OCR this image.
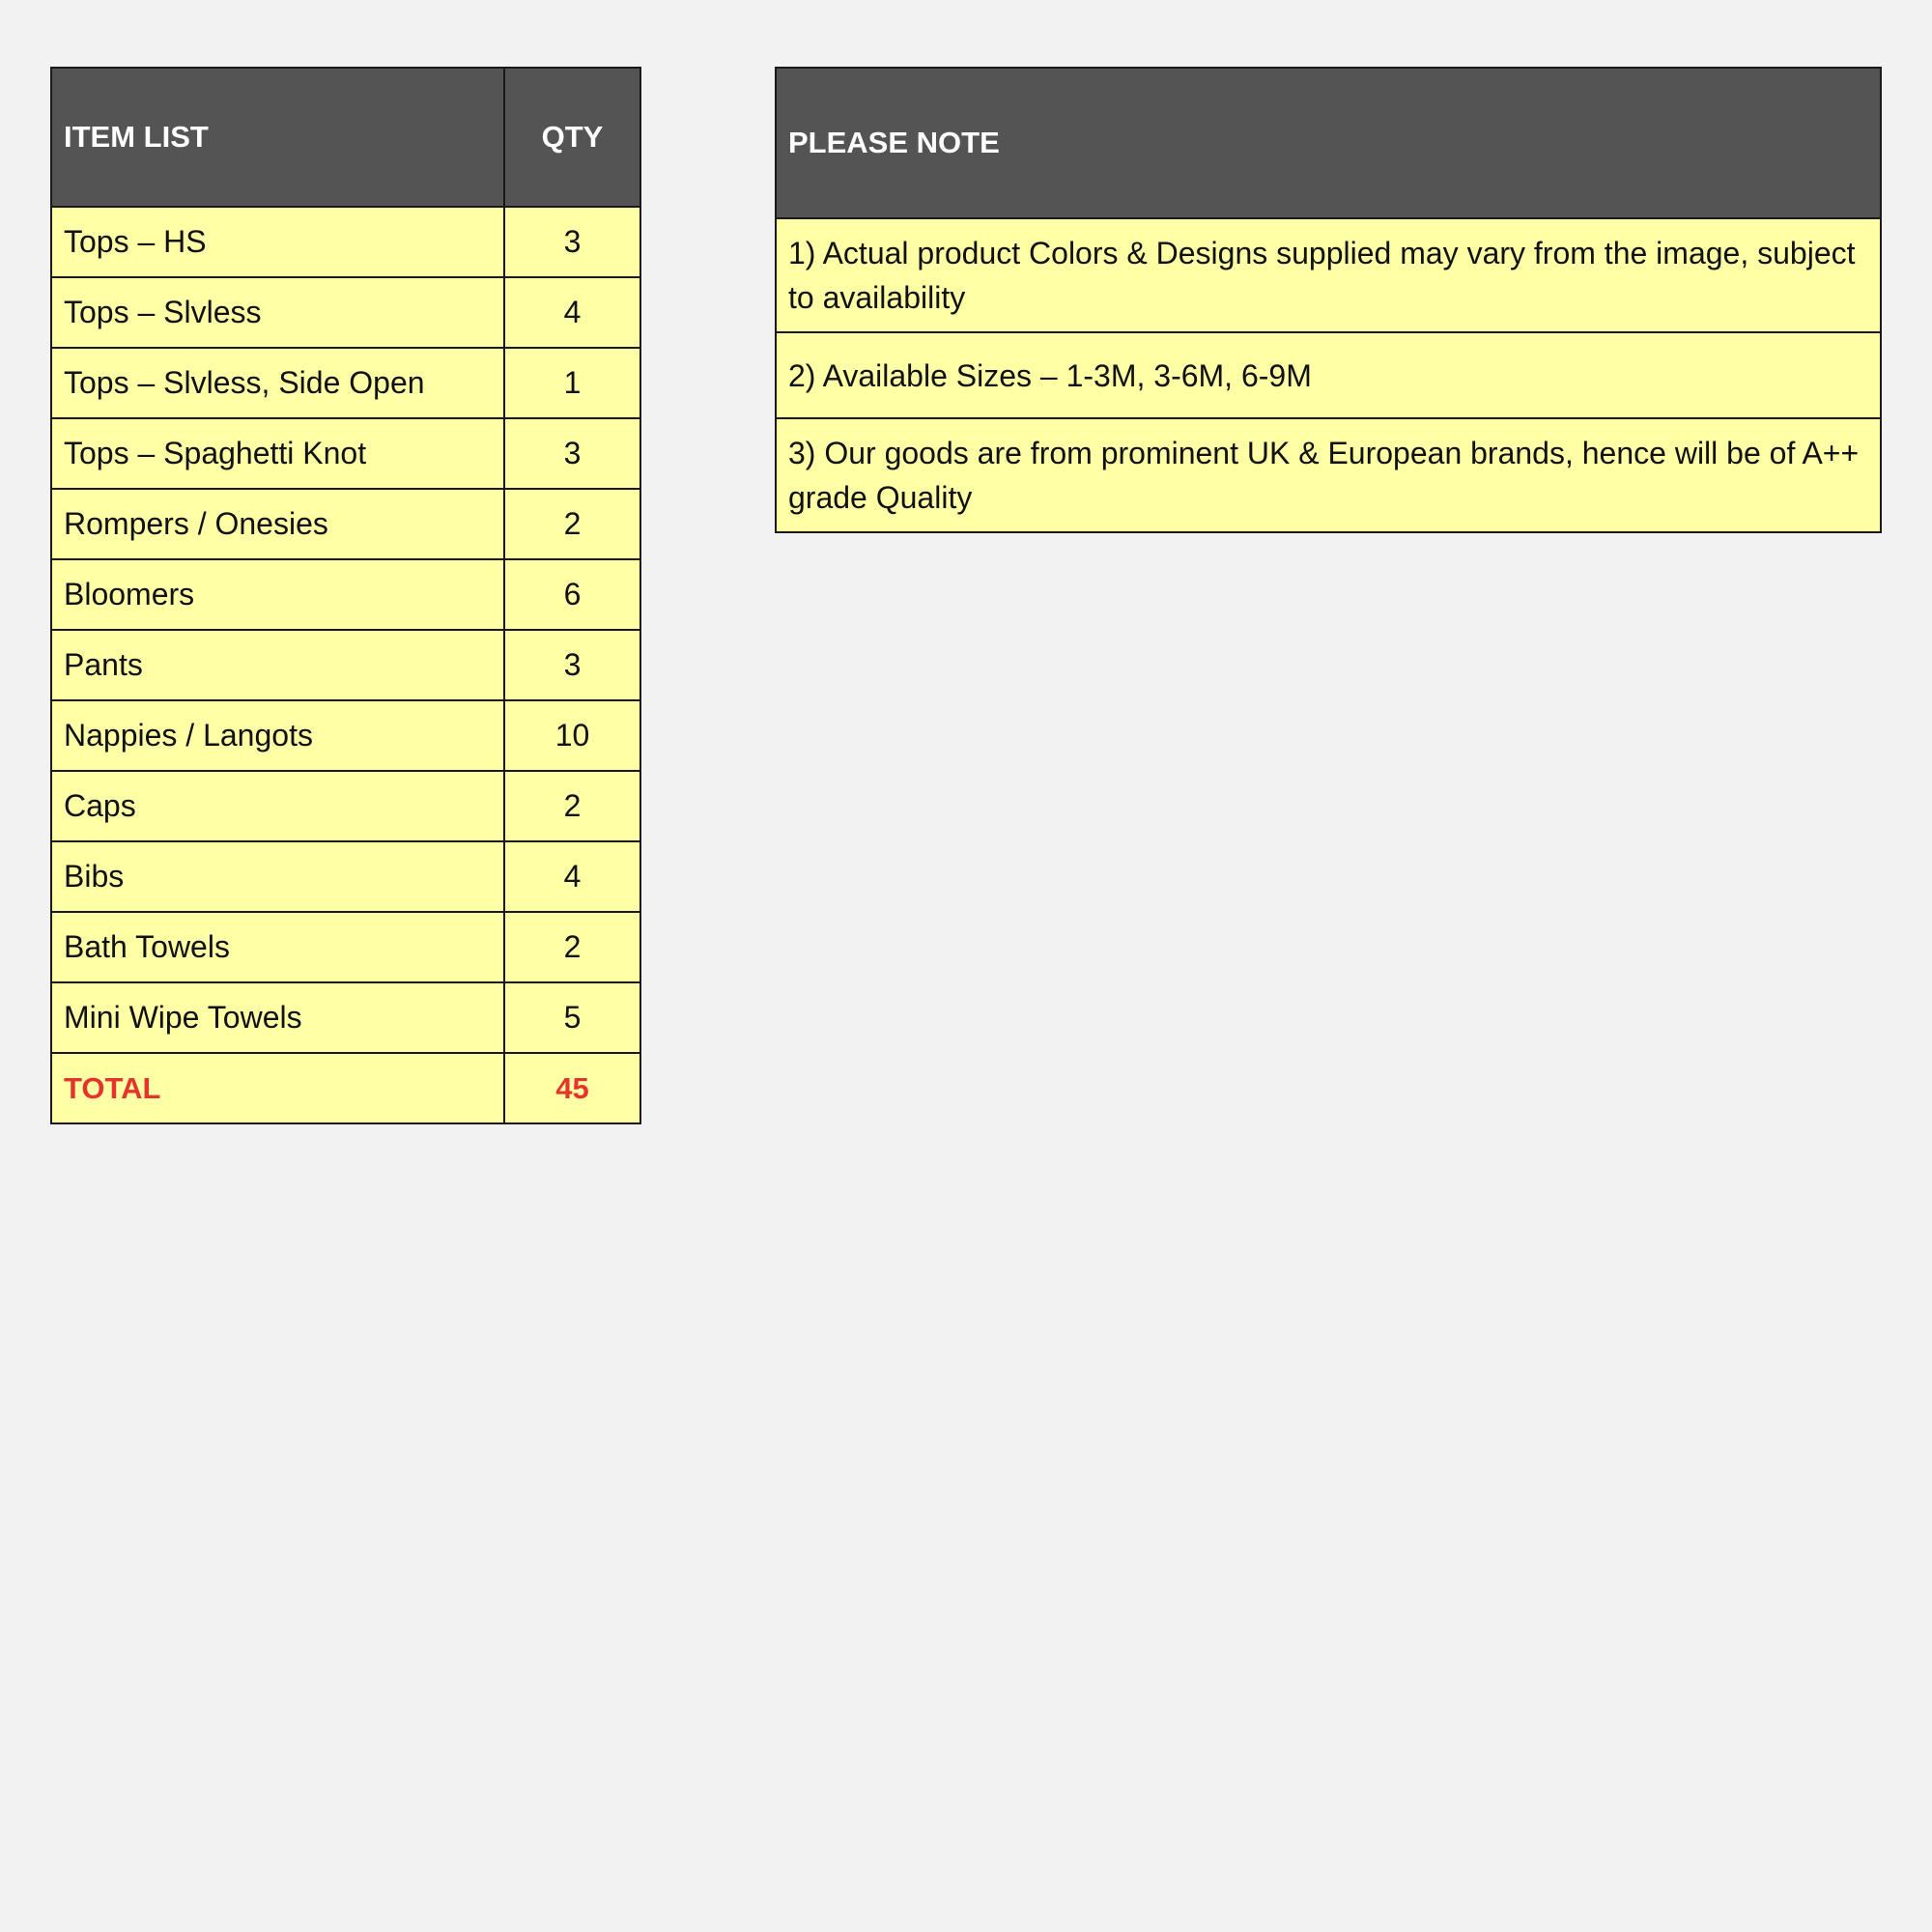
ITEM LIST	QTY
Tops – HS	3
Tops – Slvless	4
Tops – Slvless, Side Open	1
Tops – Spaghetti Knot	3
Rompers / Onesies	2
Bloomers	6
Pants	3
Nappies / Langots	10
Caps	2
Bibs	4
Bath Towels	2
Mini Wipe Towels	5
TOTAL	45
PLEASE NOTE
1) Actual product Colors & Designs supplied may vary from the image, subject to availability
2) Available Sizes – 1-3M, 3-6M, 6-9M
3) Our goods are from prominent UK & European brands, hence will be of A++ grade Quality
